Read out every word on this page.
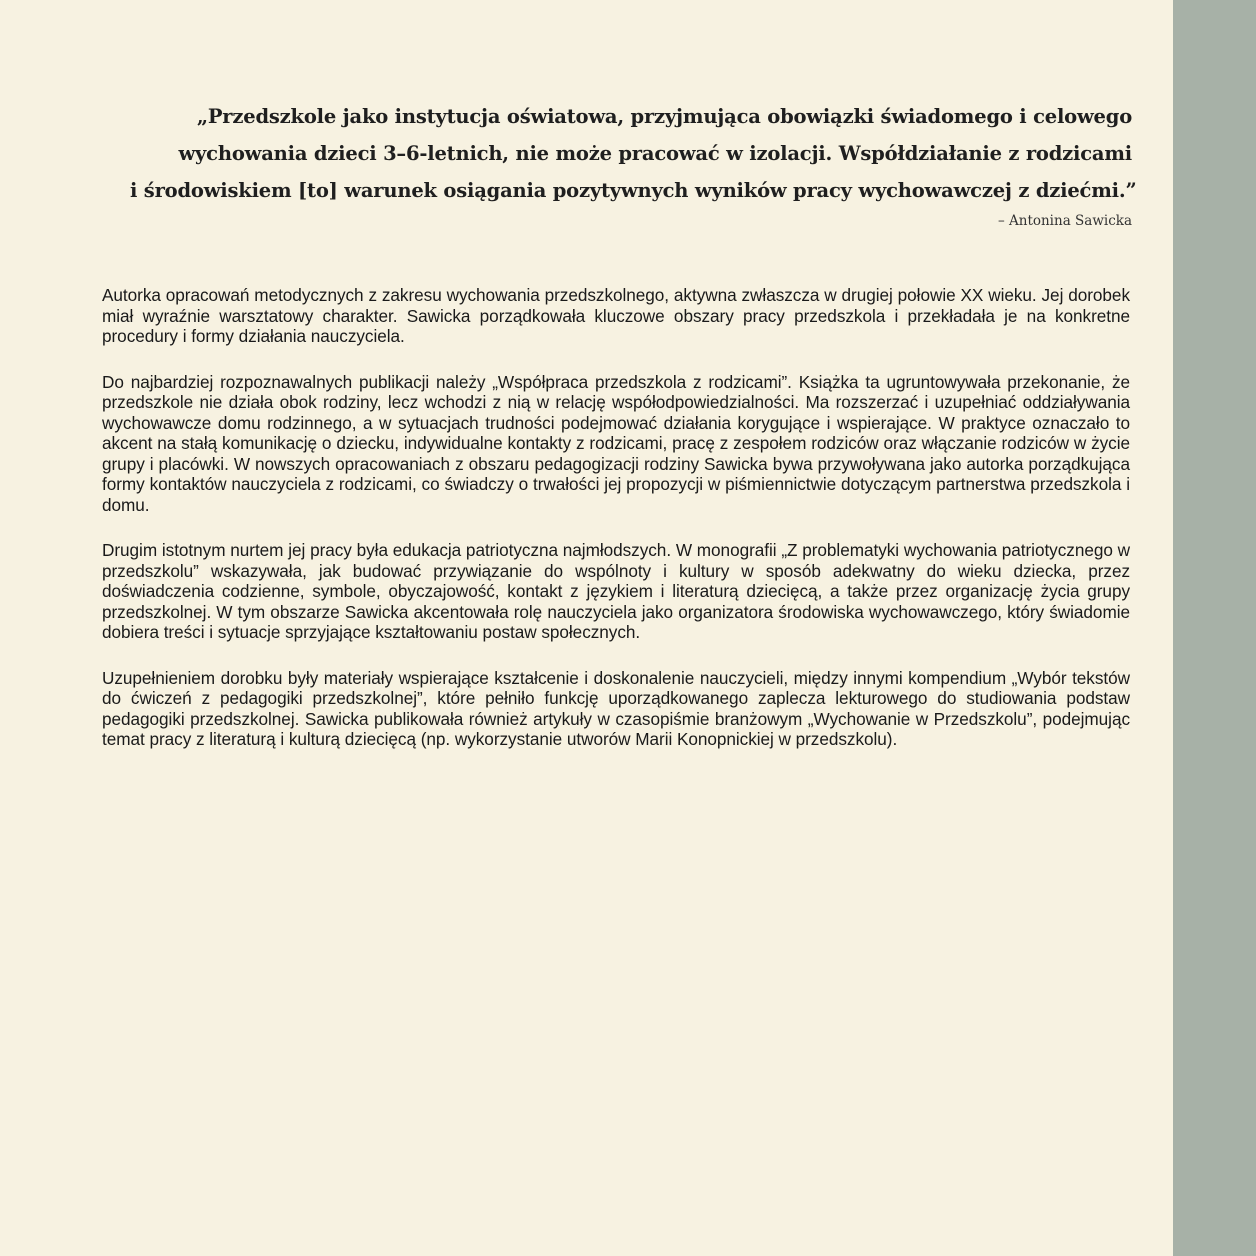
„Przedszkole jako instytucja oświatowa, przyjmująca obowiązki świadomego i celowego
wychowania dzieci 3–6-letnich, nie może pracować w izolacji. Współdziałanie z rodzicami
i środowiskiem [to] warunek osiągania pozytywnych wyników pracy wychowawczej z dziećmi.”

– Antonina Sawicka

Autorka opracowań metodycznych z zakresu wychowania przedszkolnego, aktywna zwłaszcza w drugiej połowie XX wieku. Jej dorobek miał wyraźnie warsztatowy charakter. Sawicka porządkowała kluczowe obszary pracy przedszkola i przekładała je na konkretne procedury i formy działania nauczyciela.

Do najbardziej rozpoznawalnych publikacji należy „Współpraca przedszkola z rodzicami”. Książka ta ugruntowywała przekonanie, że przedszkole nie działa obok rodziny, lecz wchodzi z nią w relację współodpowiedzialności. Ma rozszerzać i uzupełniać oddziaływania wychowawcze domu rodzinnego, a w sytuacjach trudności podejmować działania korygujące i wspierające. W praktyce oznaczało to akcent na stałą komunikację o dziecku, indywidualne kontakty z rodzicami, pracę z zespołem rodziców oraz włączanie rodziców w życie grupy i placówki. W nowszych opracowaniach z obszaru pedagogizacji rodziny Sawicka bywa przywoływana jako autorka porządkująca formy kontaktów nauczyciela z rodzicami, co świadczy o trwałości jej propozycji w piśmiennictwie dotyczącym partnerstwa przedszkola i domu.

Drugim istotnym nurtem jej pracy była edukacja patriotyczna najmłodszych. W monografii „Z problematyki wychowania patriotycznego w przedszkolu” wskazywała, jak budować przywiązanie do wspólnoty i kultury w sposób adekwatny do wieku dziecka, przez doświadczenia codzienne, symbole, obyczajowość, kontakt z językiem i literaturą dziecięcą, a także przez organizację życia grupy przedszkolnej. W tym obszarze Sawicka akcentowała rolę nauczyciela jako organizatora środowiska wychowawczego, który świadomie dobiera treści i sytuacje sprzyjające kształtowaniu postaw społecznych.

Uzupełnieniem dorobku były materiały wspierające kształcenie i doskonalenie nauczycieli, między innymi kompendium „Wybór tekstów do ćwiczeń z pedagogiki przedszkolnej”, które pełniło funkcję uporządkowanego zaplecza lekturowego do studiowania podstaw pedagogiki przedszkolnej. Sawicka publikowała również artykuły w czasopiśmie branżowym „Wychowanie w Przedszkolu”, podejmując temat pracy z literaturą i kulturą dziecięcą (np. wykorzystanie utworów Marii Konopnickiej w przedszkolu).
